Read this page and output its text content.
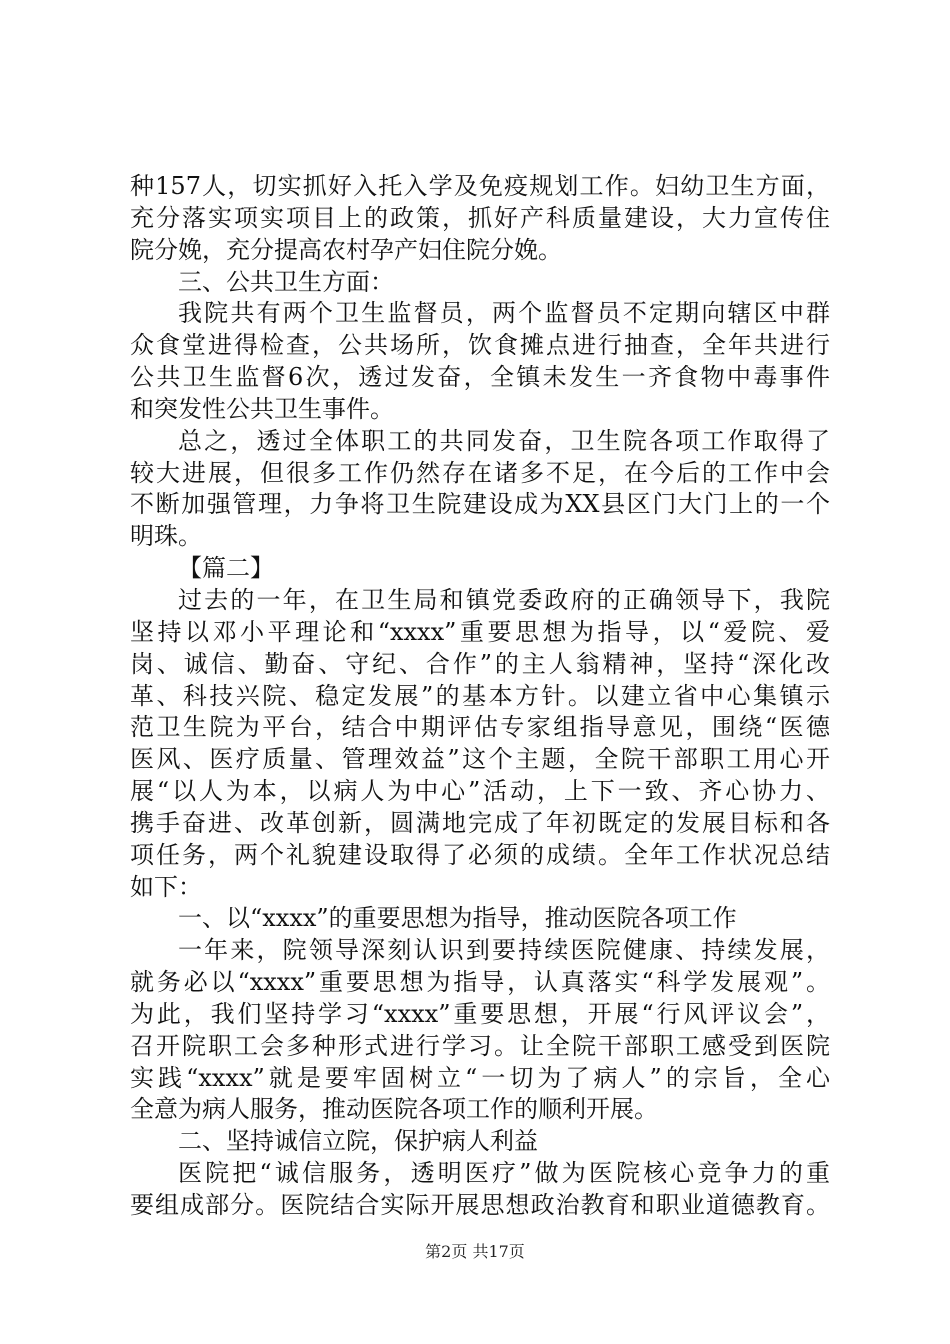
种157人，切实抓好入托入学及免疫规划工作。妇幼卫生方面，
充分落实项实项目上的政策，抓好产科质量建设，大力宣传住
院分娩，充分提高农村孕产妇住院分娩。
三、公共卫生方面：
我院共有两个卫生监督员，两个监督员不定期向辖区中群
众食堂进得检查，公共场所，饮食摊点进行抽查，全年共进行
公共卫生监督6次，透过发奋，全镇未发生一齐食物中毒事件
和突发性公共卫生事件。
总之，透过全体职工的共同发奋，卫生院各项工作取得了
较大进展，但很多工作仍然存在诸多不足，在今后的工作中会
不断加强管理，力争将卫生院建设成为XX县区门大门上的一个
明珠。
【篇二】
过去的一年，在卫生局和镇党委政府的正确领导下，我院
坚持以邓小平理论和“xxxx”重要思想为指导，以“爱院、爱
岗、诚信、勤奋、守纪、合作”的主人翁精神，坚持“深化改
革、科技兴院、稳定发展”的基本方针。以建立省中心集镇示
范卫生院为平台，结合中期评估专家组指导意见，围绕“医德
医风、医疗质量、管理效益”这个主题，全院干部职工用心开
展“以人为本，以病人为中心”活动，上下一致、齐心协力、
携手奋进、改革创新，圆满地完成了年初既定的发展目标和各
项任务，两个礼貌建设取得了必须的成绩。全年工作状况总结
如下：
一、以“xxxx”的重要思想为指导，推动医院各项工作
一年来，院领导深刻认识到要持续医院健康、持续发展，
就务必以“xxxx”重要思想为指导，认真落实“科学发展观”。
为此，我们坚持学习“xxxx”重要思想，开展“行风评议会”，
召开院职工会多种形式进行学习。让全院干部职工感受到医院
实践“xxxx”就是要牢固树立“一切为了病人”的宗旨，全心
全意为病人服务，推动医院各项工作的顺利开展。
二、坚持诚信立院，保护病人利益
医院把“诚信服务，透明医疗”做为医院核心竞争力的重
要组成部分。医院结合实际开展思想政治教育和职业道德教育。
第2页 共17页
